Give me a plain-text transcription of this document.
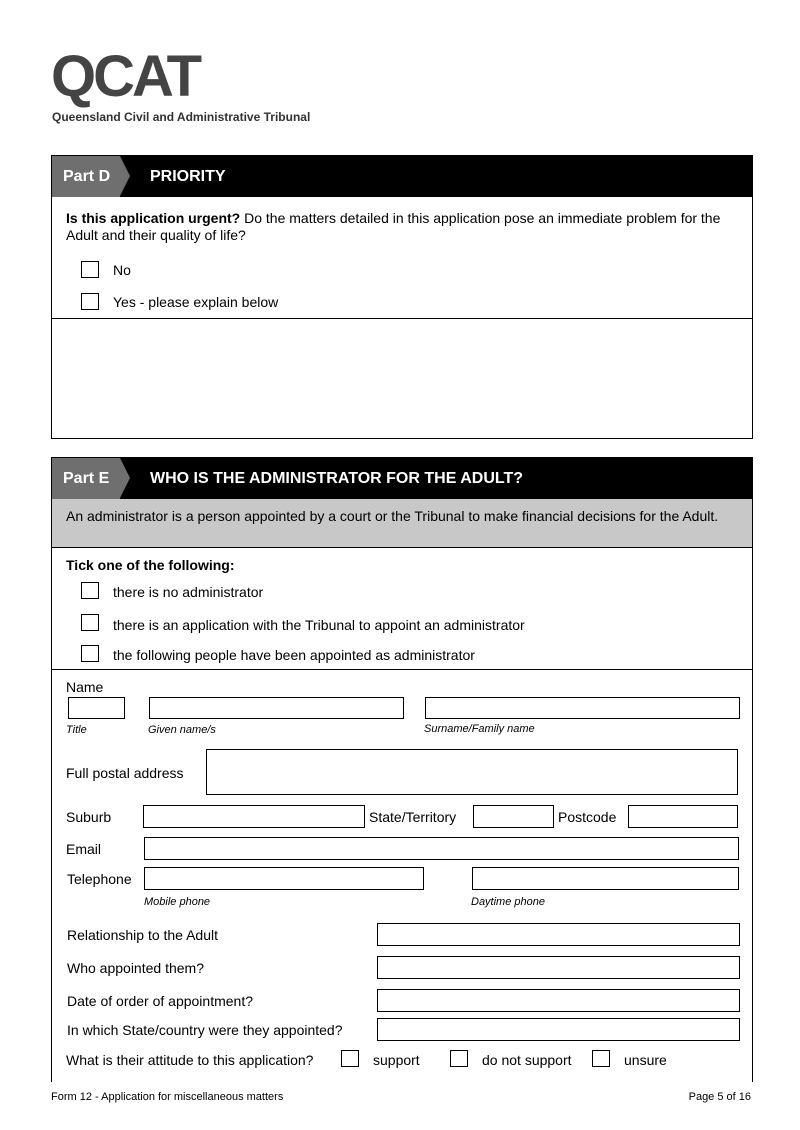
QCAT
Queensland Civil and Administrative Tribunal
Part D	PRIORITY
Is this application urgent? Do the matters detailed in this application pose an immediate problem for the Adult and their quality of life?
No
Yes - please explain below
Part E	WHO IS THE ADMINISTRATOR FOR THE ADULT?
An administrator is a person appointed by a court or the Tribunal to make financial decisions for the Adult.
Tick one of the following:
there is no administrator
there is an application with the Tribunal to appoint an administrator
the following people have been appointed as administrator
Name
Title	Given name/s	Surname/Family name
Full postal address
Suburb	State/Territory	Postcode
Email
Telephone
Mobile phone	Daytime phone
Relationship to the Adult
Who appointed them?
Date of order of appointment?
In which State/country were they appointed?
What is their attitude to this application?	support	do not support	unsure
Form 12 - Application for miscellaneous matters	Page 5 of 16
